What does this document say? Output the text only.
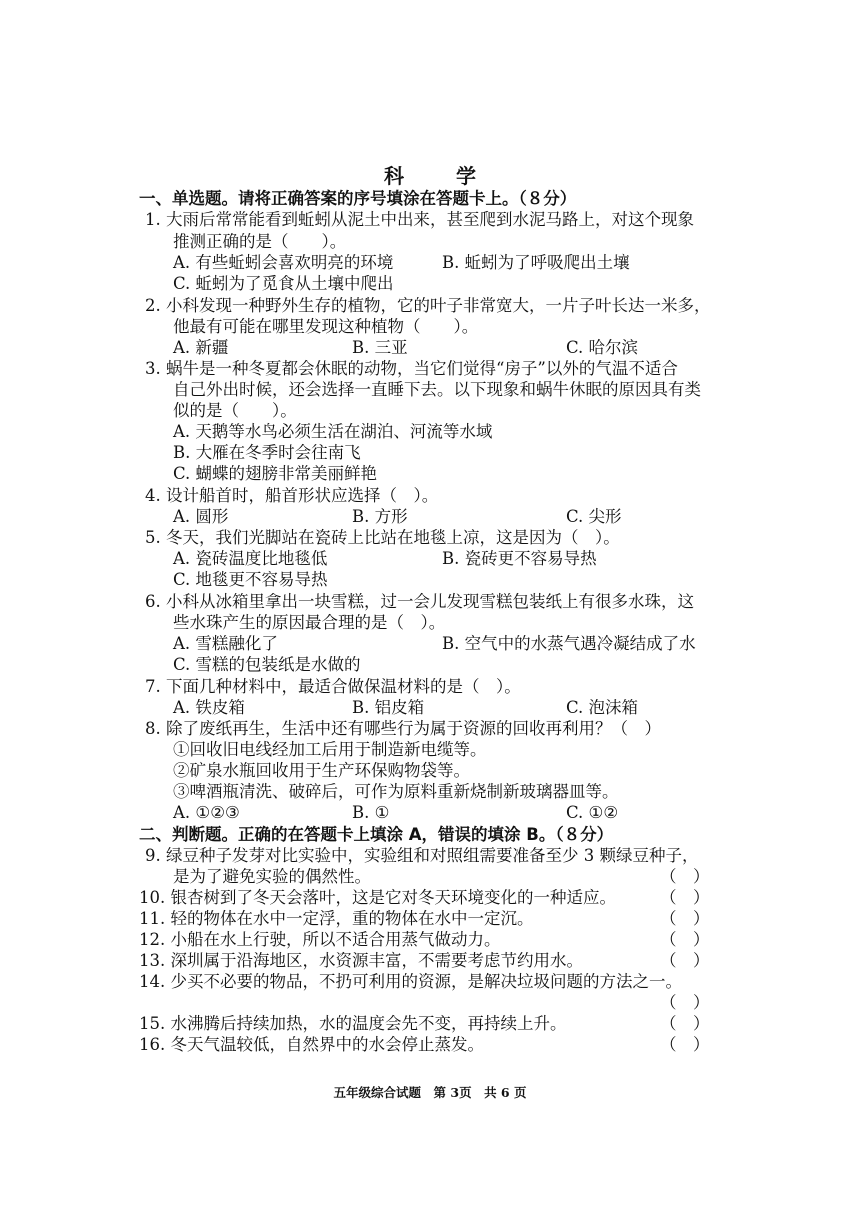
科　学
一、单选题。请将正确答案的序号填涂在答题卡上。（８分）
1. 大雨后常常能看到蚯蚓从泥土中出来，甚至爬到水泥马路上，对这个现象
推测正确的是（　　）。
A. 有些蚯蚓会喜欢明亮的环境	B. 蚯蚓为了呼吸爬出土壤
C. 蚯蚓为了觅食从土壤中爬出
2. 小科发现一种野外生存的植物，它的叶子非常宽大，一片子叶长达一米多，
他最有可能在哪里发现这种植物（　　）。
A. 新疆	B. 三亚	C. 哈尔滨
3. 蜗牛是一种冬夏都会休眠的动物，当它们觉得“房子”以外的气温不适合
自己外出时候，还会选择一直睡下去。以下现象和蜗牛休眠的原因具有类
似的是（　　）。
A. 天鹅等水鸟必须生活在湖泊、河流等水域
B. 大雁在冬季时会往南飞
C. 蝴蝶的翅膀非常美丽鲜艳
4. 设计船首时，船首形状应选择（　）。
A. 圆形	B. 方形	C. 尖形
5. 冬天，我们光脚站在瓷砖上比站在地毯上凉，这是因为（　）。
A. 瓷砖温度比地毯低	B. 瓷砖更不容易导热
C. 地毯更不容易导热
6. 小科从冰箱里拿出一块雪糕，过一会儿发现雪糕包装纸上有很多水珠，这
些水珠产生的原因最合理的是（　）。
A. 雪糕融化了	B. 空气中的水蒸气遇冷凝结成了水
C. 雪糕的包装纸是水做的
7. 下面几种材料中，最适合做保温材料的是（　）。
A. 铁皮箱	B. 铝皮箱	C. 泡沫箱
8. 除了废纸再生，生活中还有哪些行为属于资源的回收再利用？（　）
①回收旧电线经加工后用于制造新电缆等。
②矿泉水瓶回收用于生产环保购物袋等。
③啤酒瓶清洗、破碎后，可作为原料重新烧制新玻璃器皿等。
A. ①②③	B. ①	C. ①②
二、判断题。正确的在答题卡上填涂 A，错误的填涂 B。（８分）
9. 绿豆种子发芽对比实验中，实验组和对照组需要准备至少 3 颗绿豆种子，
是为了避免实验的偶然性。	（　）
10. 银杏树到了冬天会落叶，这是它对冬天环境变化的一种适应。	（　）
11. 轻的物体在水中一定浮，重的物体在水中一定沉。	（　）
12. 小船在水上行驶，所以不适合用蒸气做动力。	（　）
13. 深圳属于沿海地区，水资源丰富，不需要考虑节约用水。	（　）
14. 少买不必要的物品，不扔可利用的资源，是解决垃圾问题的方法之一。
（　）
15. 水沸腾后持续加热，水的温度会先不变，再持续上升。	（　）
16. 冬天气温较低，自然界中的水会停止蒸发。	（　）
五年级综合试题　第 3页　共 6 页
